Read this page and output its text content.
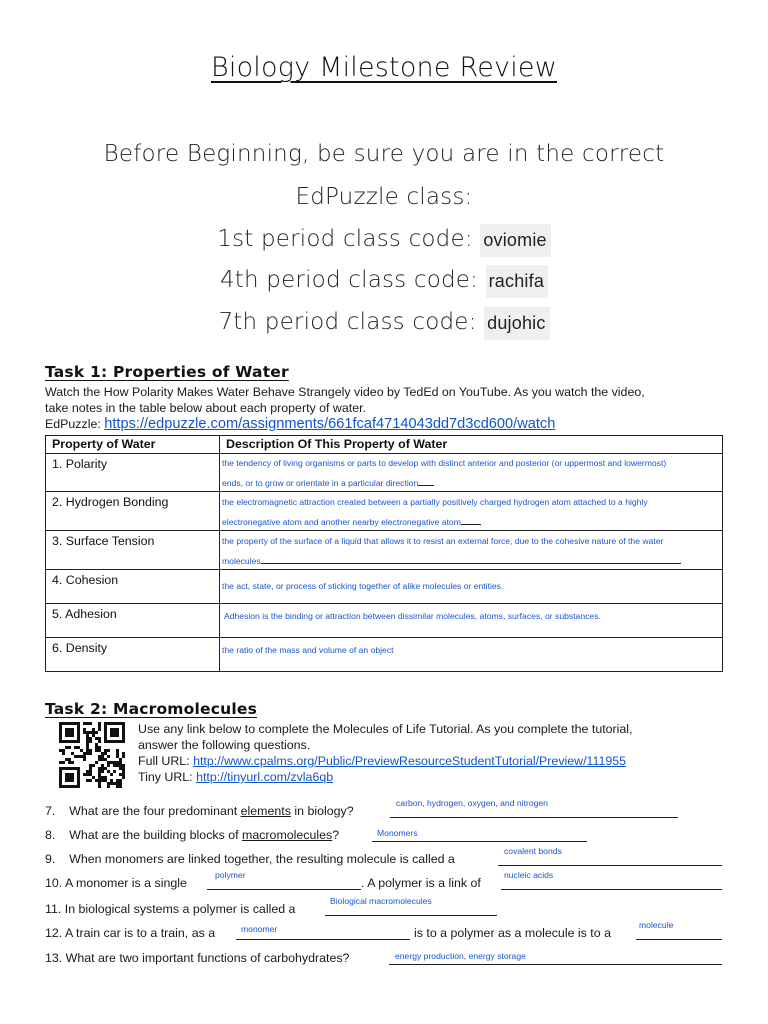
Biology Milestone Review
Before Beginning, be sure you are in the correct
EdPuzzle class:
1st period class code: oviomie
4th period class code: rachifa
7th period class code: dujohic
Task 1: Properties of Water
Watch the How Polarity Makes Water Behave Strangely video by TedEd on YouTube. As you watch the video,
take notes in the table below about each property of water.
EdPuzzle: https://edpuzzle.com/assignments/661fcaf4714043dd7d3cd600/watch
Property of Water	Description Of This Property of Water
1. Polarity	the tendency of living organisms or parts to develop with distinct anterior and posterior (or uppermost and lowermost)
ends, or to grow or orientate in a particular direction

2. Hydrogen Bonding	the electromagnetic attraction created between a partially positively charged hydrogen atom attached to a highly
electronegative atom and another nearby electronegative atom

3. Surface Tension	the property of the surface of a liquid that allows it to resist an external force, due to the cohesive nature of the water
molecules

4. Cohesion	the act, state, or process of sticking together of alike molecules or entities.

5. Adhesion	Adhesion is the binding or attraction between dissimilar molecules, atoms, surfaces, or substances.

6. Density	the ratio of the mass and volume of an object
Task 2: Macromolecules
Use any link below to complete the Molecules of Life Tutorial. As you complete the tutorial,
answer the following questions.
Full URL: http://www.cpalms.org/Public/PreviewResourceStudentTutorial/Preview/111955
Tiny URL: http://tinyurl.com/zvla6qb
7. What are the four predominant elements in biology?
carbon, hydrogen, oxygen, and nitrogen
8. What are the building blocks of macromolecules?	Monomers
9. When monomers are linked together, the resulting molecule is called a
covalent bonds
10. A monomer is a single
polymer
. A polymer is a link of
nucleic acids
11. In biological systems a polymer is called a
Biological macromolecules
12. A train car is to a train, as a	monomer	is to a polymer as a molecule is to a
molecule
13. What are two important functions of carbohydrates?	energy production, energy storage
